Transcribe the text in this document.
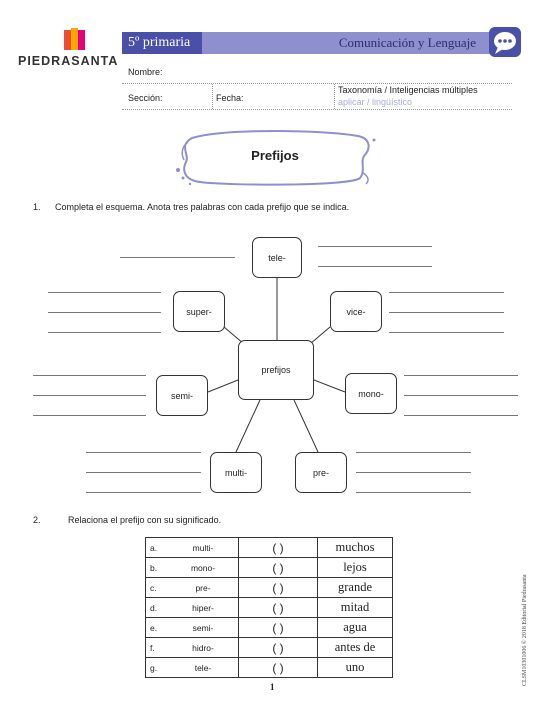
PIEDRASANTA
5º primaria	Comunicación y Lenguaje
Nombre:
Sección:	Fecha:
Taxonomía / Inteligencias múltiples
aplicar / lingüístico
Prefijos
1. Completa el esquema. Anota tres palabras con cada prefijo que se indica.
prefijos
tele-
super-	vice-
semi-	mono-
multi-	pre-
2.	Relaciona el prefijo con su significado.
a.	multi-	( )	muchos
b.	mono-	( )	lejos
c.	pre-	( )	grande
d.	hiper-	( )	mitad
e.	semi-	( )	agua
f.	hidro-	( )	antes de
g.	tele-	( )	uno
1
CLSM10301006 © 2018 Editorial Piedrasanta
